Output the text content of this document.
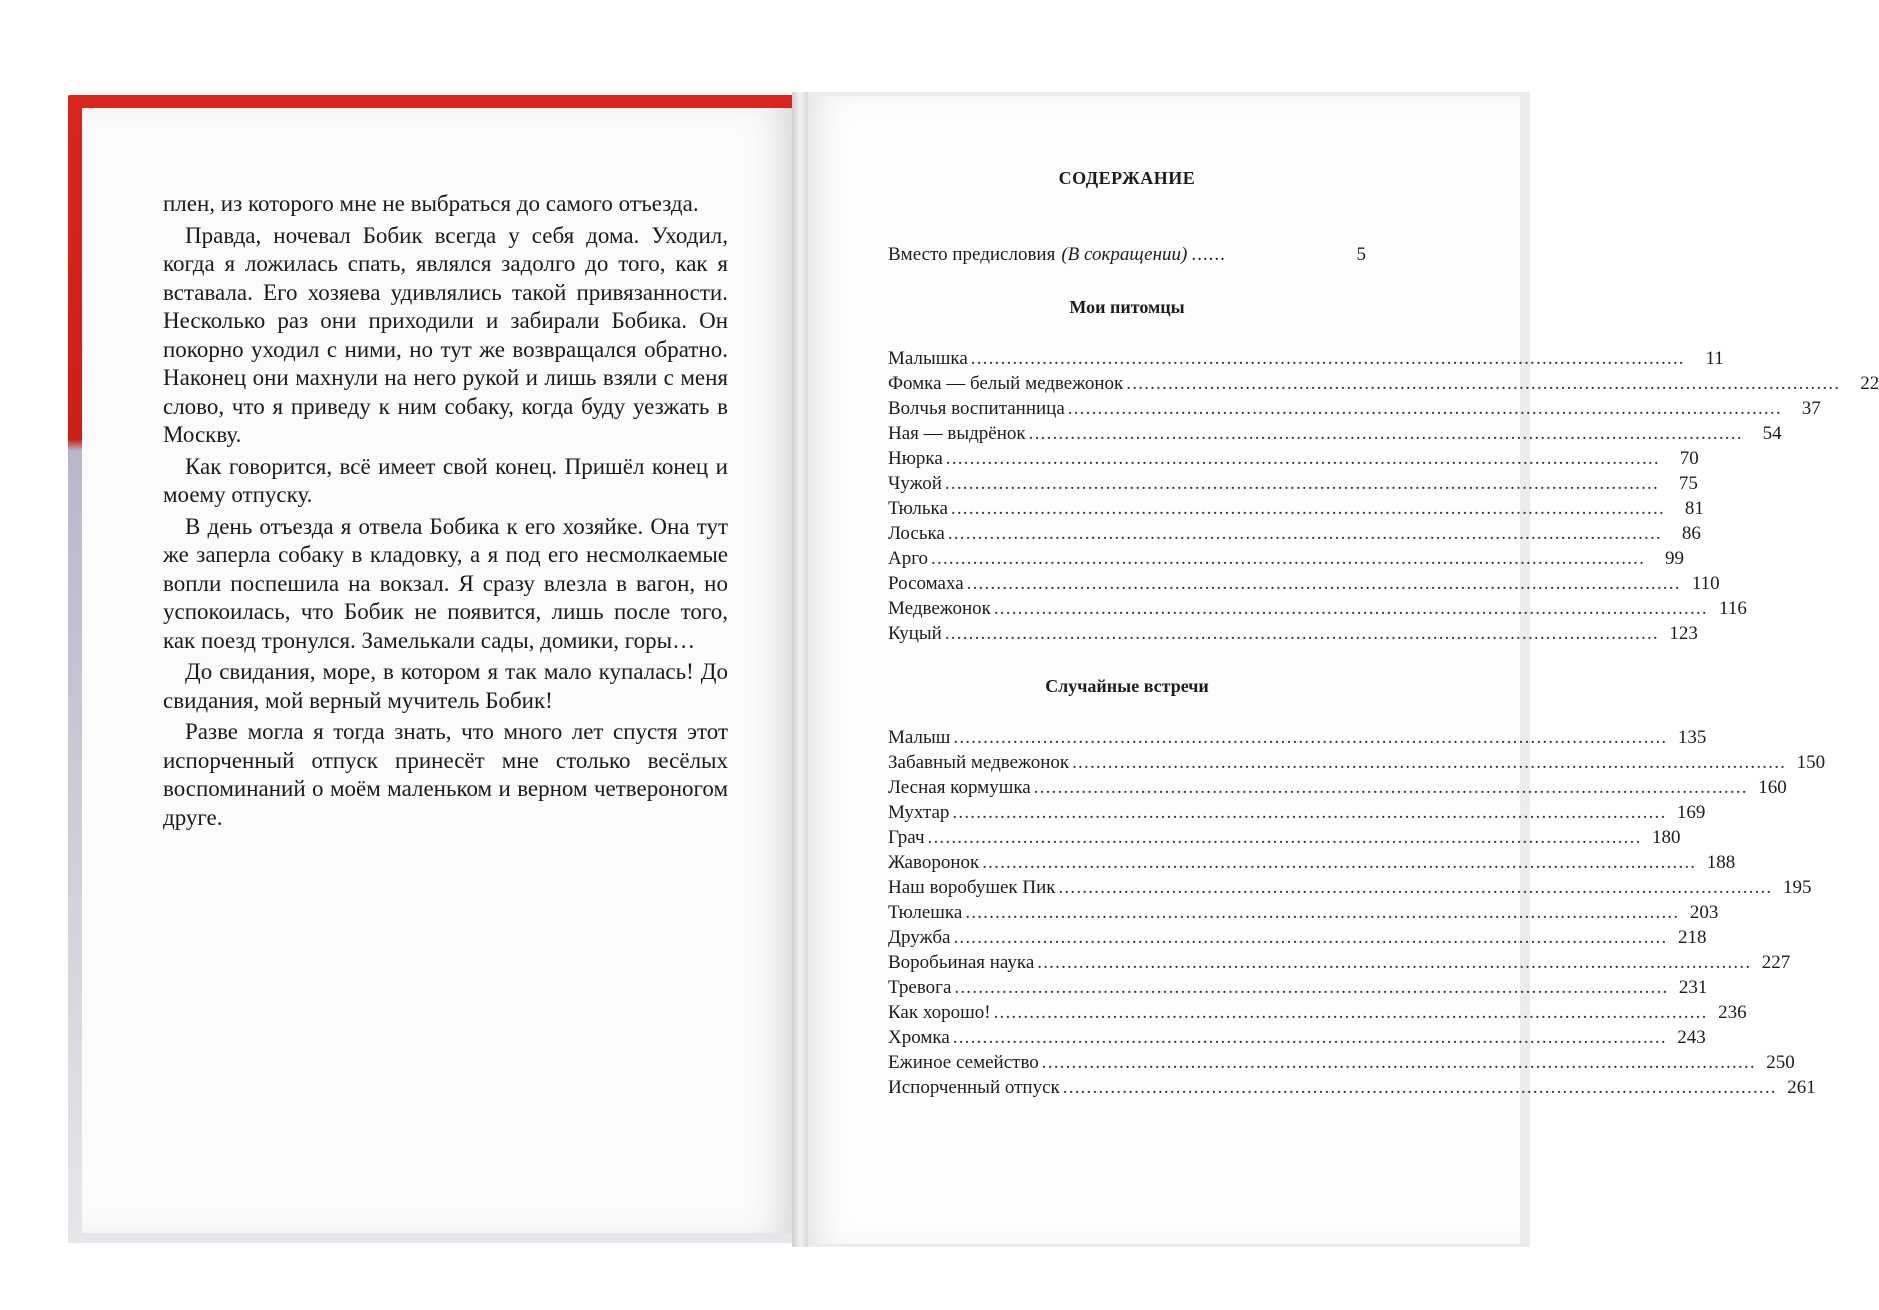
плен, из которого мне не выбраться до самого отъезда.

Правда, ночевал Бобик всегда у себя дома. Уходил, когда я ложилась спать, являлся задолго до того, как я вставала. Его хозяева удивлялись такой привязанности. Несколько раз они приходили и забирали Бобика. Он покорно уходил с ними, но тут же возвращался обратно. Наконец они махнули на него рукой и лишь взяли с меня слово, что я приведу к ним собаку, когда буду уезжать в Москву.

Как говорится, всё имеет свой конец. Пришёл конец и моему отпуску.

В день отъезда я отвела Бобика к его хозяйке. Она тут же заперла собаку в кладовку, а я под его несмолкаемые вопли поспешила на вокзал. Я сразу влезла в вагон, но успокоилась, что Бобик не появится, лишь после того, как поезд тронулся. Замелькали сады, домики, горы…

До свидания, море, в котором я так мало купалась! До свидания, мой верный мучитель Бобик!

Разве могла я тогда знать, что много лет спустя этот испорченный отпуск принесёт мне столько весёлых воспоминаний о моём маленьком и верном четвероногом друге.

СОДЕРЖАНИЕ
Вместо предисловия (В сокращении) ......	5
Мои питомцы
Малышка ........................................................................................................................	11
Фомка — белый медвежонок ........................................................................................................................	22
Волчья воспитанница ........................................................................................................................	37
Ная — выдрёнок ........................................................................................................................	54
Нюрка ........................................................................................................................	70
Чужой ........................................................................................................................	75
Тюлька ........................................................................................................................	81
Лоська ........................................................................................................................	86
Арго ........................................................................................................................	99
Росомаха ........................................................................................................................ 110
Медвежонок ........................................................................................................................ 116
Куцый ........................................................................................................................ 123
Случайные встречи
Малыш ........................................................................................................................ 135
Забавный медвежонок ........................................................................................................................ 150
Лесная кормушка ........................................................................................................................ 160
Мухтар ........................................................................................................................ 169
Грач ........................................................................................................................ 180
Жаворонок ........................................................................................................................ 188
Наш воробушек Пик ........................................................................................................................ 195
Тюлешка ........................................................................................................................ 203
Дружба ........................................................................................................................ 218
Воробьиная наука ........................................................................................................................ 227
Тревога ........................................................................................................................ 231
Как хорошо! ........................................................................................................................ 236
Хромка ........................................................................................................................ 243
Ежиное семейство ........................................................................................................................ 250
Испорченный отпуск ........................................................................................................................ 261
